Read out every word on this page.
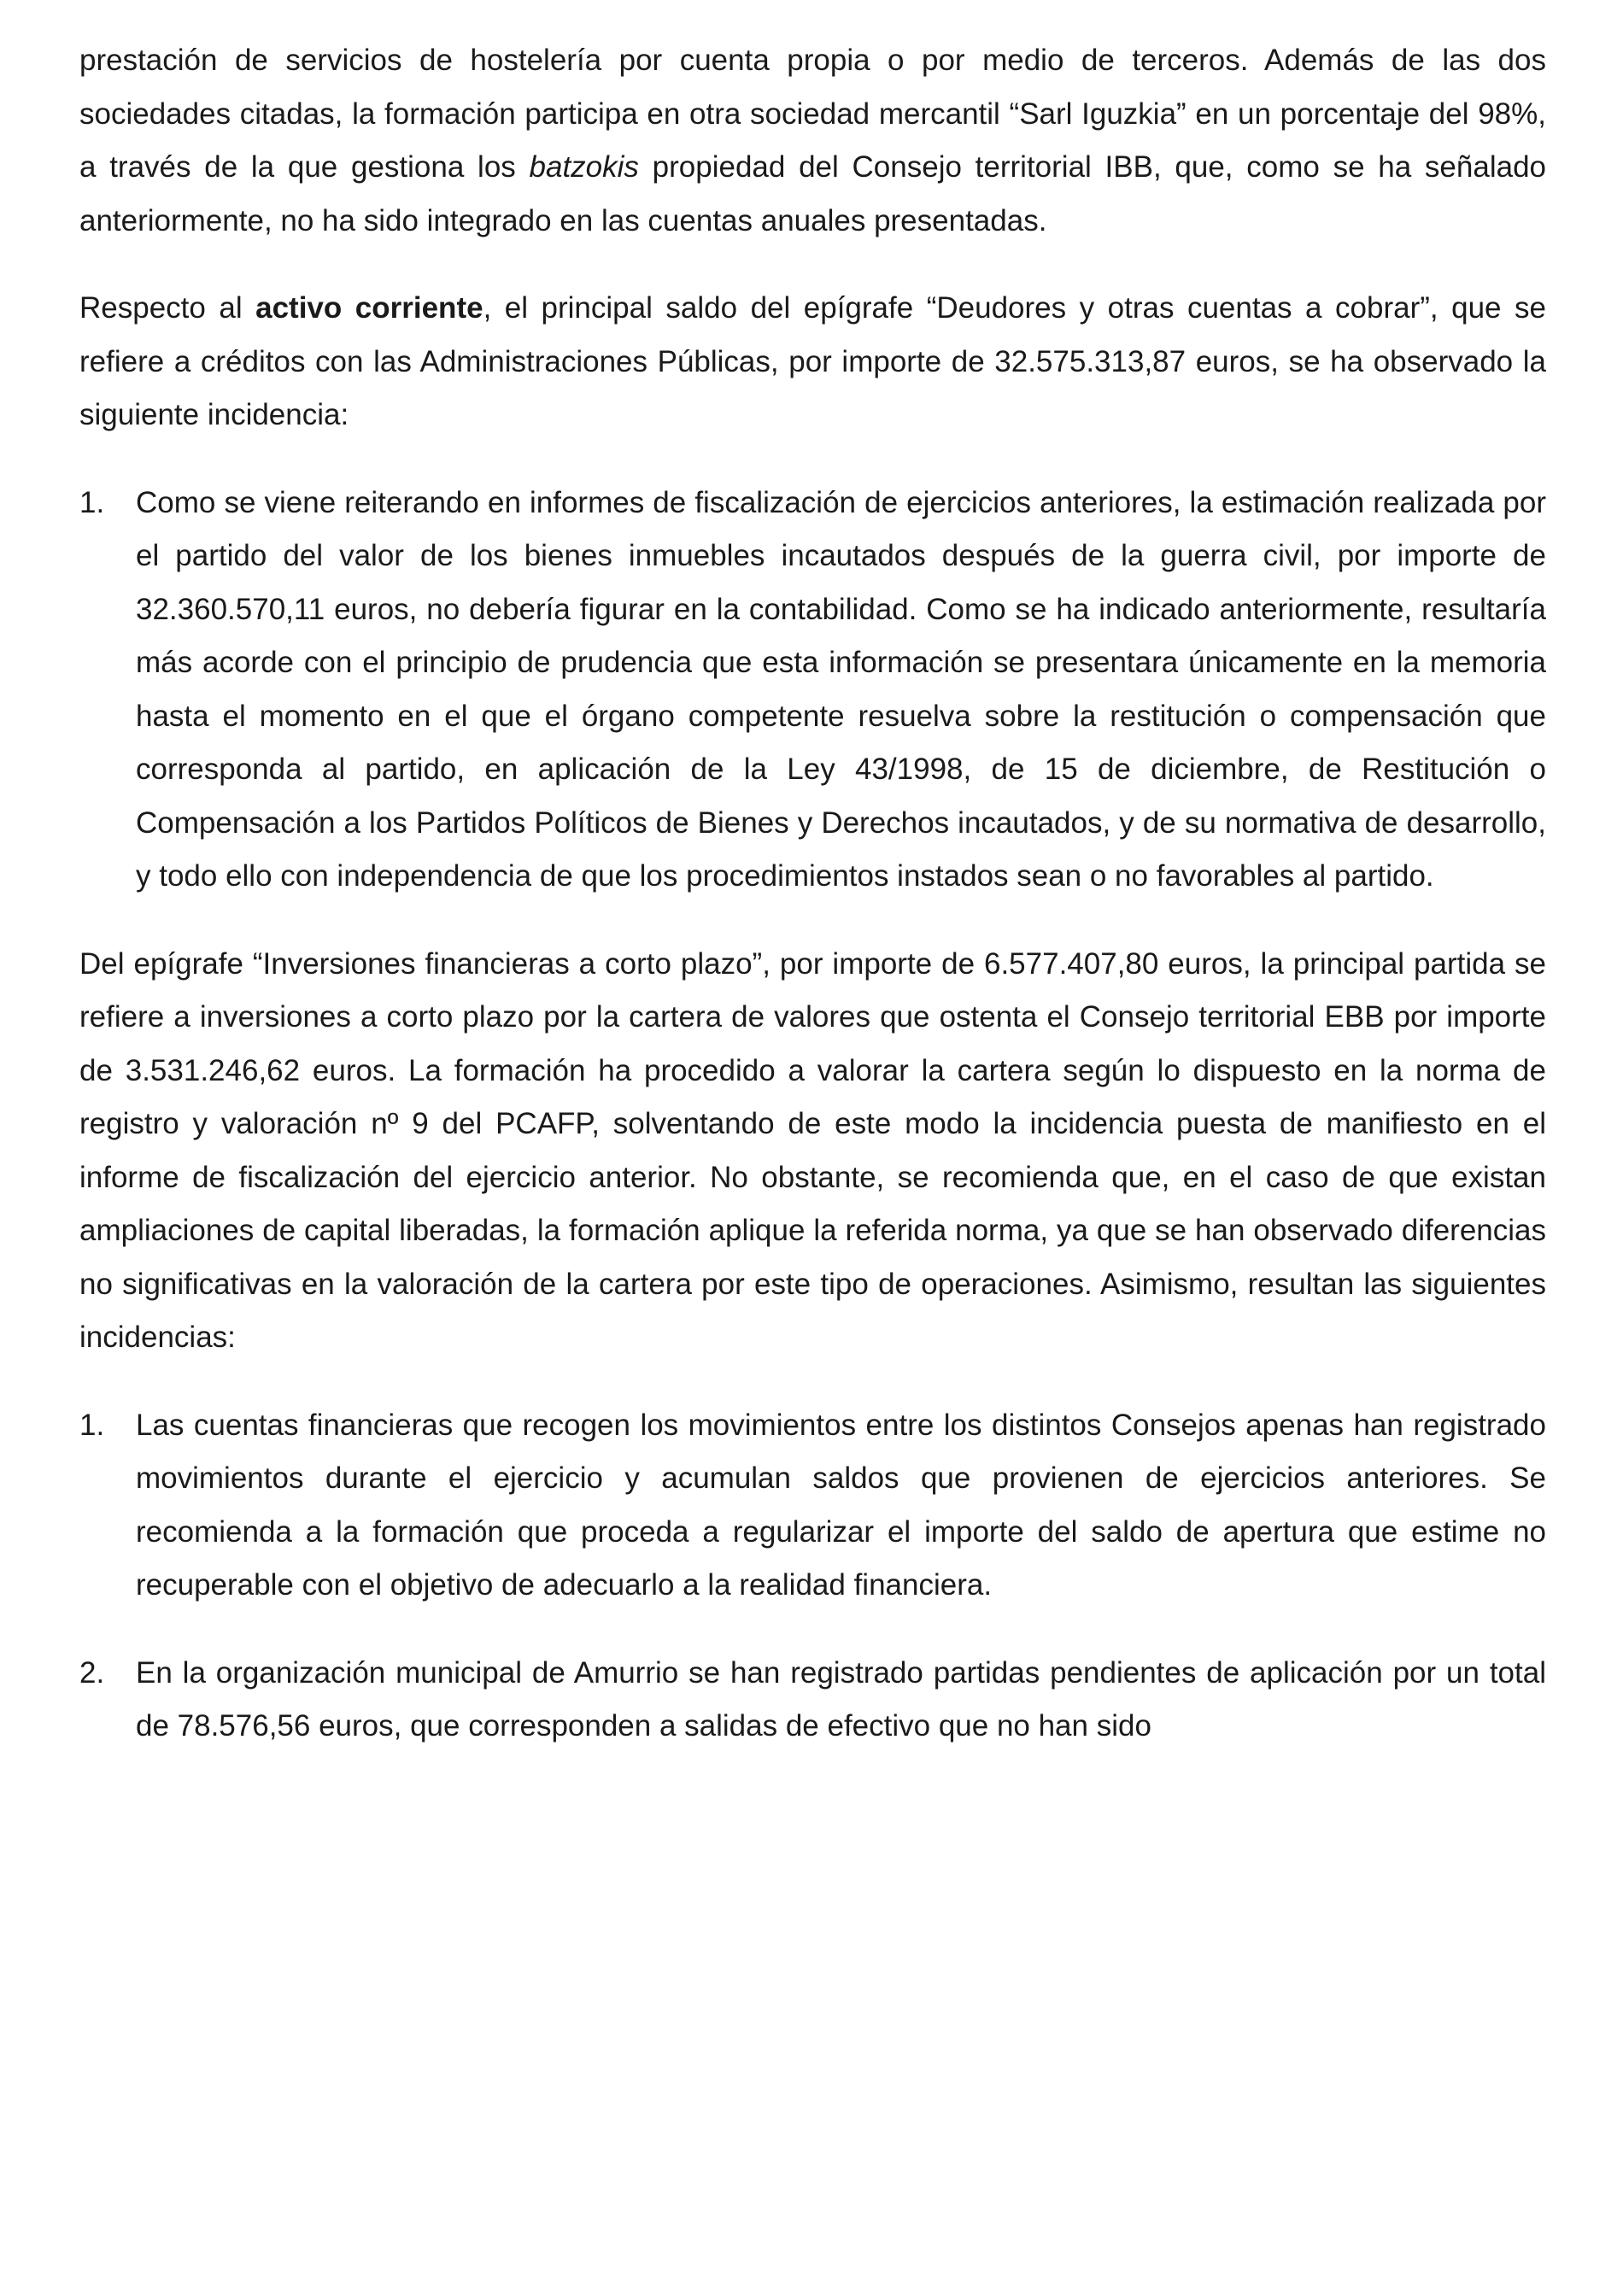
prestación de servicios de hostelería por cuenta propia o por medio de terceros. Además de las dos sociedades citadas, la formación participa en otra sociedad mercantil “Sarl Iguzkia” en un porcentaje del 98%, a través de la que gestiona los batzokis propiedad del Consejo territorial IBB, que, como se ha señalado anteriormente, no ha sido integrado en las cuentas anuales presentadas.

Respecto al activo corriente, el principal saldo del epígrafe “Deudores y otras cuentas a cobrar”, que se refiere a créditos con las Administraciones Públicas, por importe de 32.575.313,87 euros, se ha observado la siguiente incidencia:

1. Como se viene reiterando en informes de fiscalización de ejercicios anteriores, la estimación realizada por el partido del valor de los bienes inmuebles incautados después de la guerra civil, por importe de 32.360.570,11 euros, no debería figurar en la contabilidad. Como se ha indicado anteriormente, resultaría más acorde con el principio de prudencia que esta información se presentara únicamente en la memoria hasta el momento en el que el órgano competente resuelva sobre la restitución o compensación que corresponda al partido, en aplicación de la Ley 43/1998, de 15 de diciembre, de Restitución o Compensación a los Partidos Políticos de Bienes y Derechos incautados, y de su normativa de desarrollo, y todo ello con independencia de que los procedimientos instados sean o no favorables al partido.

Del epígrafe “Inversiones financieras a corto plazo”, por importe de 6.577.407,80 euros, la principal partida se refiere a inversiones a corto plazo por la cartera de valores que ostenta el Consejo territorial EBB por importe de 3.531.246,62 euros. La formación ha procedido a valorar la cartera según lo dispuesto en la norma de registro y valoración nº 9 del PCAFP, solventando de este modo la incidencia puesta de manifiesto en el informe de fiscalización del ejercicio anterior. No obstante, se recomienda que, en el caso de que existan ampliaciones de capital liberadas, la formación aplique la referida norma, ya que se han observado diferencias no significativas en la valoración de la cartera por este tipo de operaciones. Asimismo, resultan las siguientes incidencias:

1. Las cuentas financieras que recogen los movimientos entre los distintos Consejos apenas han registrado movimientos durante el ejercicio y acumulan saldos que provienen de ejercicios anteriores. Se recomienda a la formación que proceda a regularizar el importe del saldo de apertura que estime no recuperable con el objetivo de adecuarlo a la realidad financiera.
2. En la organización municipal de Amurrio se han registrado partidas pendientes de aplicación por un total de 78.576,56 euros, que corresponden a salidas de efectivo que no han sido
